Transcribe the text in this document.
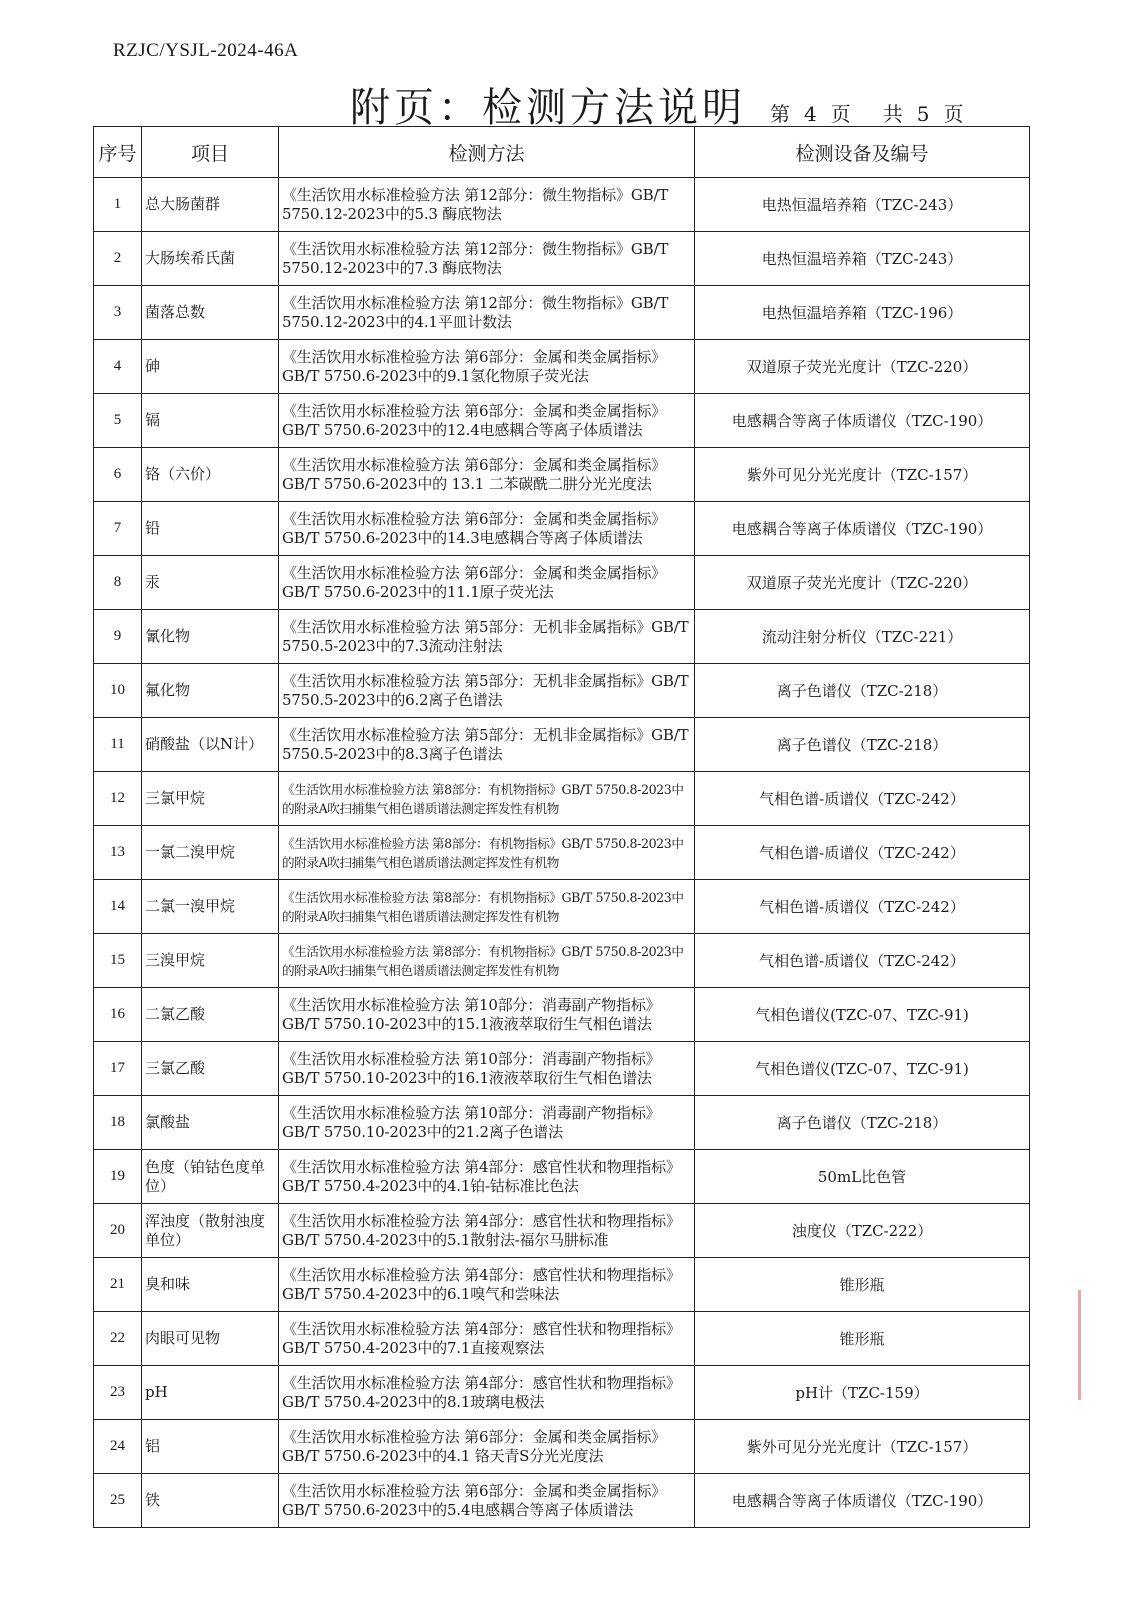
RZJC/YSJL-2024-46A
附页：检测方法说明 第 4 页 共 5 页
序号	项目	检测方法	检测设备及编号
1	总大肠菌群	《生活饮用水标准检验方法 第12部分：微生物指标》GB/T 5750.12-2023中的5.3 酶底物法	电热恒温培养箱（TZC-243）
2	大肠埃希氏菌	《生活饮用水标准检验方法 第12部分：微生物指标》GB/T 5750.12-2023中的7.3 酶底物法	电热恒温培养箱（TZC-243）
3	菌落总数	《生活饮用水标准检验方法 第12部分：微生物指标》GB/T 5750.12-2023中的4.1平皿计数法	电热恒温培养箱（TZC-196）
4	砷	《生活饮用水标准检验方法 第6部分：金属和类金属指标》GB/T 5750.6-2023中的9.1氢化物原子荧光法	双道原子荧光光度计（TZC-220）
5	镉	《生活饮用水标准检验方法 第6部分：金属和类金属指标》GB/T 5750.6-2023中的12.4电感耦合等离子体质谱法	电感耦合等离子体质谱仪（TZC-190）
6	铬（六价）	《生活饮用水标准检验方法 第6部分：金属和类金属指标》GB/T 5750.6-2023中的 13.1 二苯碳酰二肼分光光度法	紫外可见分光光度计（TZC-157）
7	铅	《生活饮用水标准检验方法 第6部分：金属和类金属指标》GB/T 5750.6-2023中的14.3电感耦合等离子体质谱法	电感耦合等离子体质谱仪（TZC-190）
8	汞	《生活饮用水标准检验方法 第6部分：金属和类金属指标》GB/T 5750.6-2023中的11.1原子荧光法	双道原子荧光光度计（TZC-220）
9	氰化物	《生活饮用水标准检验方法 第5部分：无机非金属指标》GB/T 5750.5-2023中的7.3流动注射法	流动注射分析仪（TZC-221）
10	氟化物	《生活饮用水标准检验方法 第5部分：无机非金属指标》GB/T 5750.5-2023中的6.2离子色谱法	离子色谱仪（TZC-218）
11	硝酸盐（以N计）	《生活饮用水标准检验方法 第5部分：无机非金属指标》GB/T 5750.5-2023中的8.3离子色谱法	离子色谱仪（TZC-218）
12	三氯甲烷	《生活饮用水标准检验方法 第8部分：有机物指标》GB/T 5750.8-2023中的附录A吹扫捕集气相色谱质谱法测定挥发性有机物	气相色谱-质谱仪（TZC-242）
13	一氯二溴甲烷	《生活饮用水标准检验方法 第8部分：有机物指标》GB/T 5750.8-2023中的附录A吹扫捕集气相色谱质谱法测定挥发性有机物	气相色谱-质谱仪（TZC-242）
14	二氯一溴甲烷	《生活饮用水标准检验方法 第8部分：有机物指标》GB/T 5750.8-2023中的附录A吹扫捕集气相色谱质谱法测定挥发性有机物	气相色谱-质谱仪（TZC-242）
15	三溴甲烷	《生活饮用水标准检验方法 第8部分：有机物指标》GB/T 5750.8-2023中的附录A吹扫捕集气相色谱质谱法测定挥发性有机物	气相色谱-质谱仪（TZC-242）
16	二氯乙酸	《生活饮用水标准检验方法 第10部分：消毒副产物指标》GB/T 5750.10-2023中的15.1液液萃取衍生气相色谱法	气相色谱仪(TZC-07、TZC-91)
17	三氯乙酸	《生活饮用水标准检验方法 第10部分：消毒副产物指标》GB/T 5750.10-2023中的16.1液液萃取衍生气相色谱法	气相色谱仪(TZC-07、TZC-91)
18	氯酸盐	《生活饮用水标准检验方法 第10部分：消毒副产物指标》GB/T 5750.10-2023中的21.2离子色谱法	离子色谱仪（TZC-218）
19	色度（铂钴色度单位）	《生活饮用水标准检验方法 第4部分：感官性状和物理指标》GB/T 5750.4-2023中的4.1铂-钴标准比色法	50mL比色管
20	浑浊度（散射浊度单位）	《生活饮用水标准检验方法 第4部分：感官性状和物理指标》GB/T 5750.4-2023中的5.1散射法-福尔马肼标准	浊度仪（TZC-222）
21	臭和味	《生活饮用水标准检验方法 第4部分：感官性状和物理指标》GB/T 5750.4-2023中的6.1嗅气和尝味法	锥形瓶
22	肉眼可见物	《生活饮用水标准检验方法 第4部分：感官性状和物理指标》GB/T 5750.4-2023中的7.1直接观察法	锥形瓶
23	pH	《生活饮用水标准检验方法 第4部分：感官性状和物理指标》GB/T 5750.4-2023中的8.1玻璃电极法	pH计（TZC-159）
24	铝	《生活饮用水标准检验方法 第6部分：金属和类金属指标》GB/T 5750.6-2023中的4.1 铬天青S分光光度法	紫外可见分光光度计（TZC-157）
25	铁	《生活饮用水标准检验方法 第6部分：金属和类金属指标》GB/T 5750.6-2023中的5.4电感耦合等离子体质谱法	电感耦合等离子体质谱仪（TZC-190）
